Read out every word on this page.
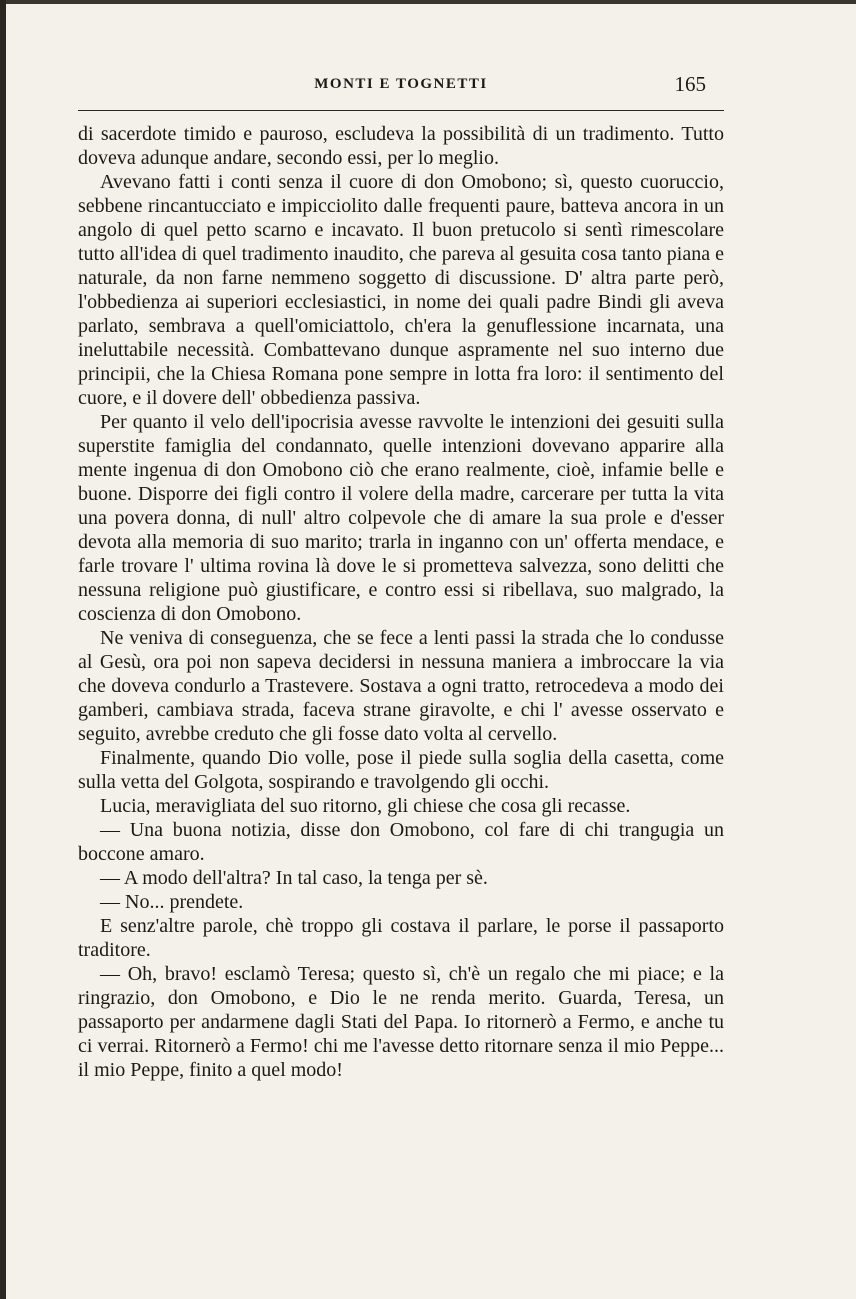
MONTI E TOGNETTI	165

di sacerdote timido e pauroso, escludeva la possibilità di un tradimento. Tutto doveva adunque andare, secondo essi, per lo meglio.

Avevano fatti i conti senza il cuore di don Omobono; sì, questo cuoruccio, sebbene rincantucciato e impicciolito dalle frequenti paure, batteva ancora in un angolo di quel petto scarno e incavato. Il buon pretucolo si sentì rimescolare tutto all'idea di quel tradimento inaudito, che pareva al gesuita cosa tanto piana e naturale, da non farne nemmeno soggetto di discussione. D' altra parte però, l'obbedienza ai superiori ecclesiastici, in nome dei quali padre Bindi gli aveva parlato, sembrava a quell'omiciattolo, ch'era la genuflessione incarnata, una ineluttabile necessità. Combattevano dunque aspramente nel suo interno due principii, che la Chiesa Romana pone sempre in lotta fra loro: il sentimento del cuore, e il dovere dell' obbedienza passiva.

Per quanto il velo dell'ipocrisia avesse ravvolte le intenzioni dei gesuiti sulla superstite famiglia del condannato, quelle intenzioni dovevano apparire alla mente ingenua di don Omobono ciò che erano realmente, cioè, infamie belle e buone. Disporre dei figli contro il volere della madre, carcerare per tutta la vita una povera donna, di null' altro colpevole che di amare la sua prole e d'esser devota alla memoria di suo marito; trarla in inganno con un' offerta mendace, e farle trovare l' ultima rovina là dove le si prometteva salvezza, sono delitti che nessuna religione può giustificare, e contro essi si ribellava, suo malgrado, la coscienza di don Omobono.

Ne veniva di conseguenza, che se fece a lenti passi la strada che lo condusse al Gesù, ora poi non sapeva decidersi in nessuna maniera a imbroccare la via che doveva condurlo a Trastevere. Sostava a ogni tratto, retrocedeva a modo dei gamberi, cambiava strada, faceva strane giravolte, e chi l' avesse osservato e seguito, avrebbe creduto che gli fosse dato volta al cervello.

Finalmente, quando Dio volle, pose il piede sulla soglia della casetta, come sulla vetta del Golgota, sospirando e travolgendo gli occhi.

Lucia, meravigliata del suo ritorno, gli chiese che cosa gli recasse.

— Una buona notizia, disse don Omobono, col fare di chi trangugia un boccone amaro.

— A modo dell'altra? In tal caso, la tenga per sè.

— No... prendete.

E senz'altre parole, chè troppo gli costava il parlare, le porse il passaporto traditore.

— Oh, bravo! esclamò Teresa; questo sì, ch'è un regalo che mi piace; e la ringrazio, don Omobono, e Dio le ne renda merito. Guarda, Teresa, un passaporto per andarmene dagli Stati del Papa. Io ritornerò a Fermo, e anche tu ci verrai. Ritornerò a Fermo! chi me l'avesse detto ritornare senza il mio Peppe... il mio Peppe, finito a quel modo!
